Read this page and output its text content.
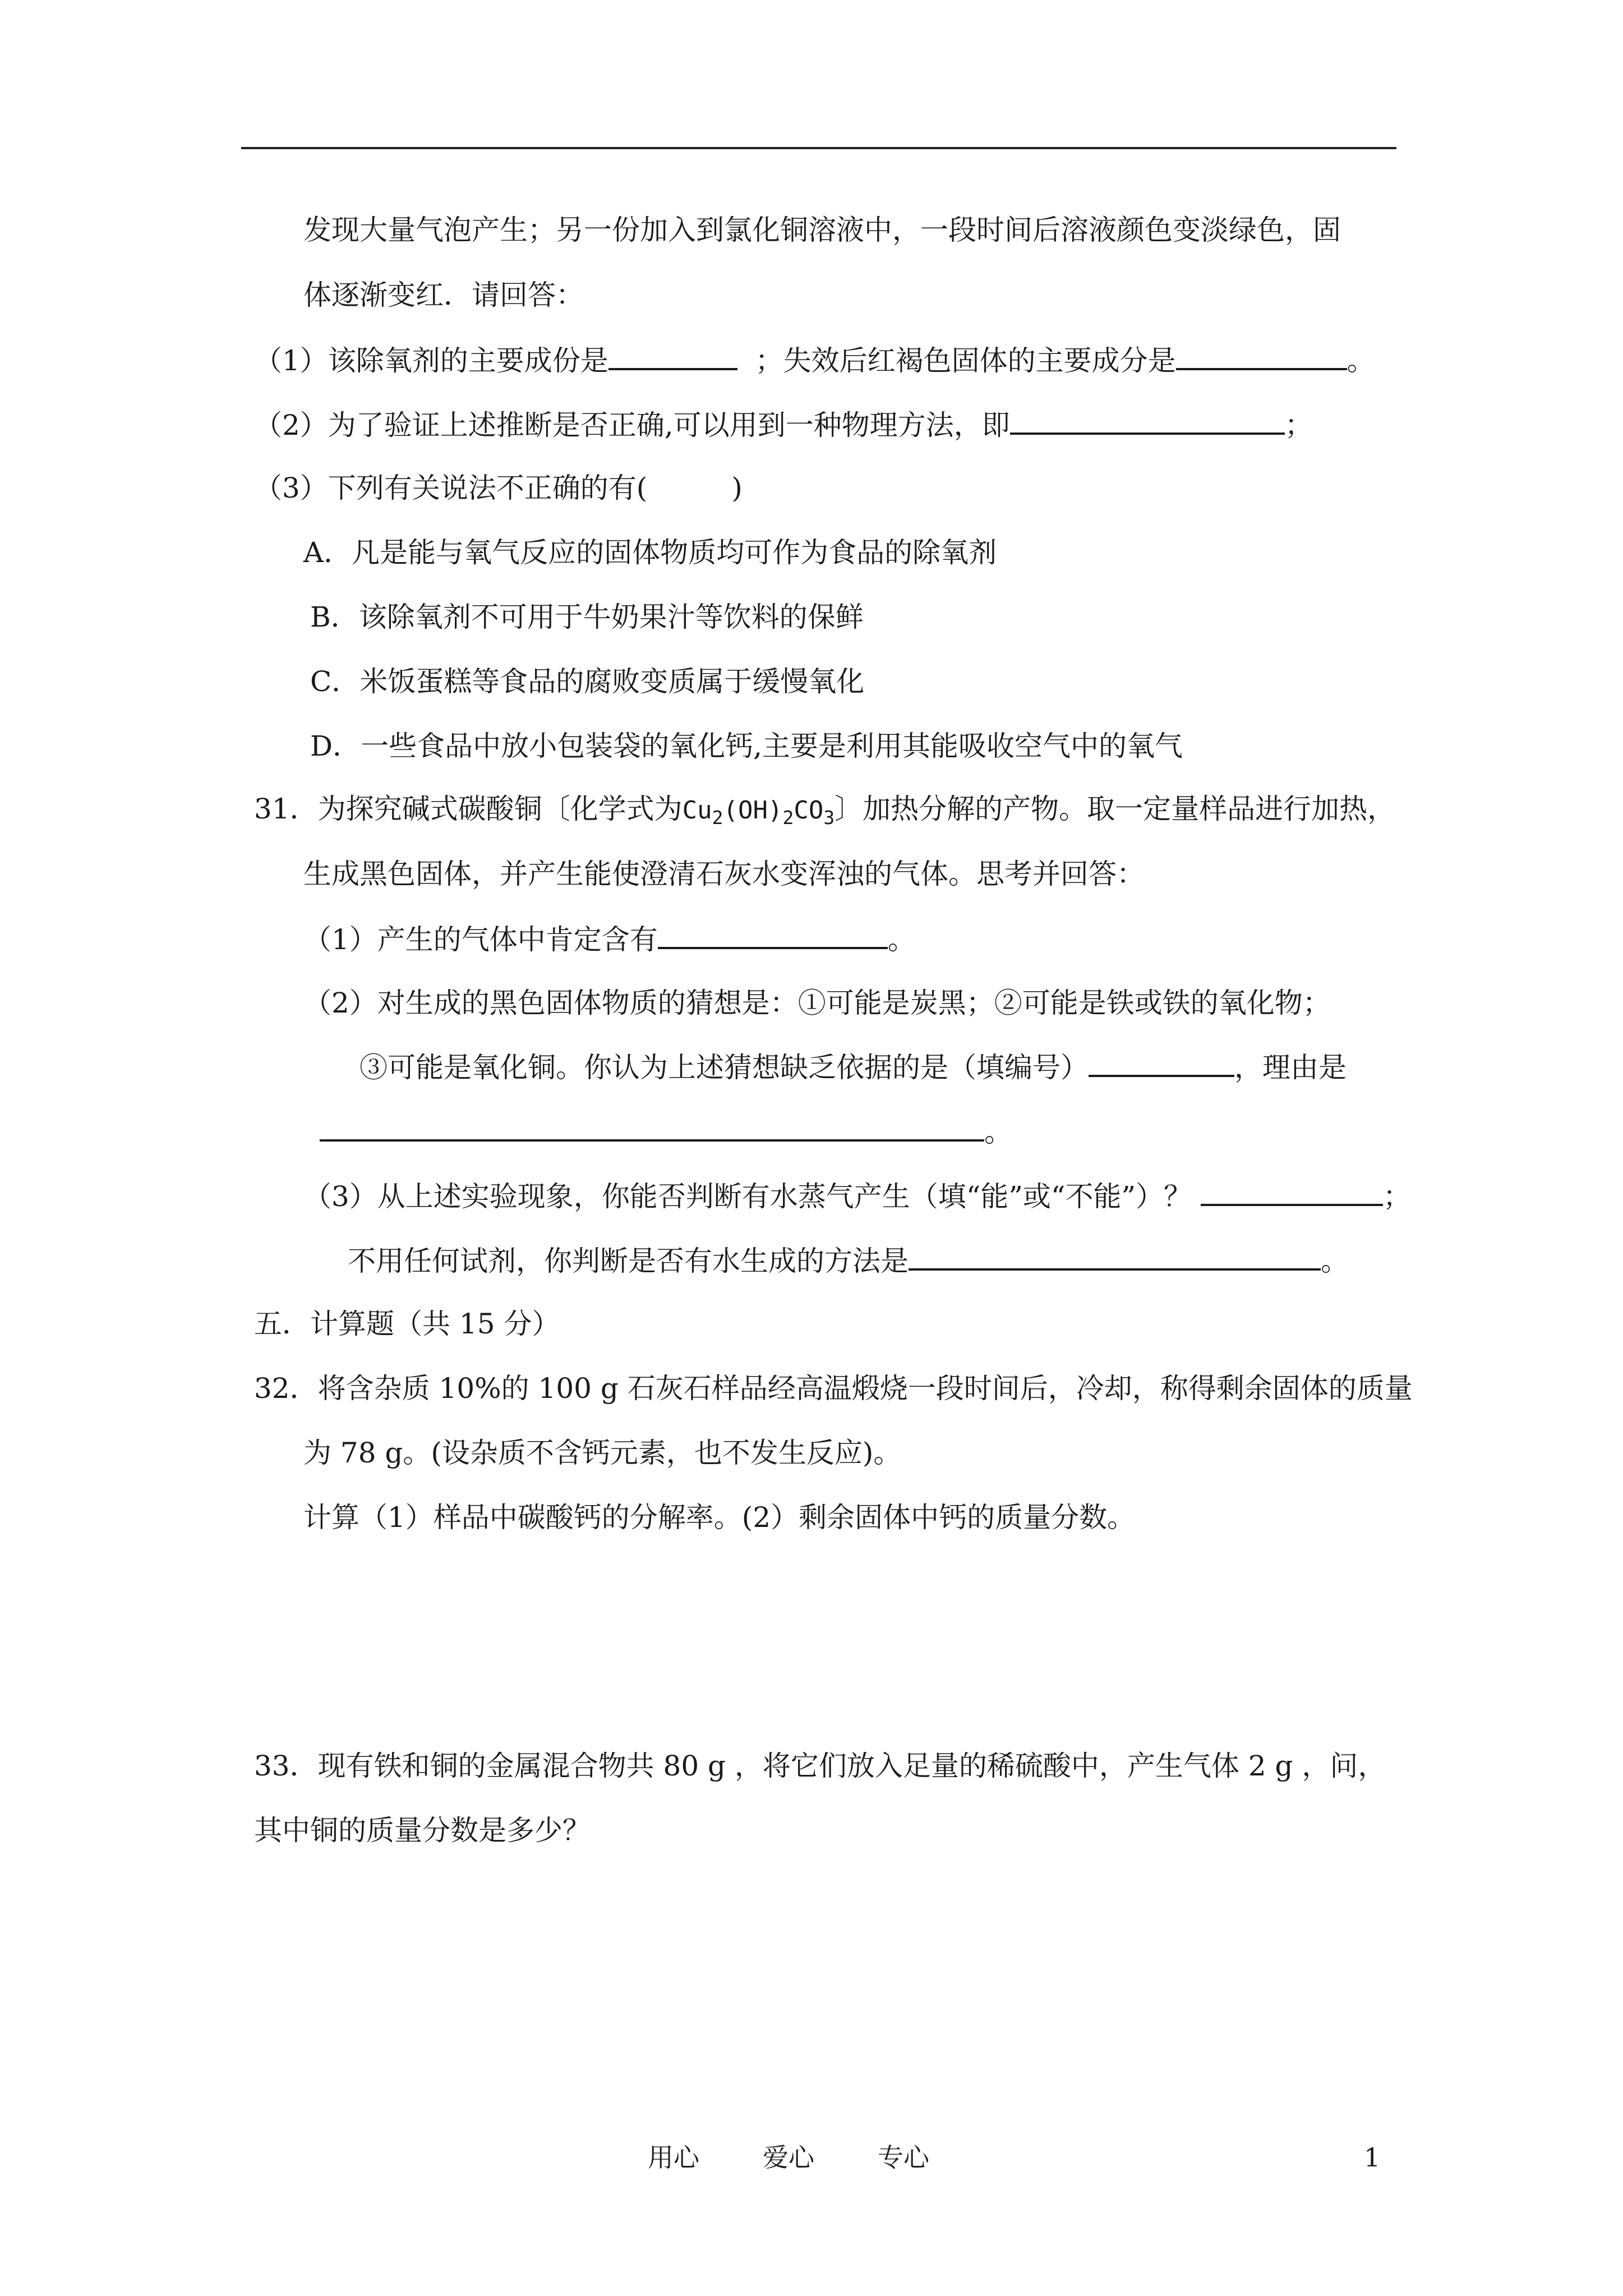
发现大量气泡产生；另一份加入到氯化铜溶液中，一段时间后溶液颜色变淡绿色，固
体逐渐变红．请回答：
（1）该除氧剂的主要成份是	；失效后红褐色固体的主要成分是	。
（2）为了验证上述推断是否正确,可以用到一种物理方法，即	；
（3）下列有关说法不正确的有(　　　)
A．凡是能与氧气反应的固体物质均可作为食品的除氧剂
B．该除氧剂不可用于牛奶果汁等饮料的保鲜
C．米饭蛋糕等食品的腐败变质属于缓慢氧化
D．一些食品中放小包装袋的氧化钙,主要是利用其能吸收空气中的氧气
31．为探究碱式碳酸铜〔化学式为$Cu_2(OH)_2CO_3$〕加热分解的产物。取一定量样品进行加热，
生成黑色固体，并产生能使澄清石灰水变浑浊的气体。思考并回答：
（1）产生的气体中肯定含有	。
（2）对生成的黑色固体物质的猜想是：①可能是炭黑；②可能是铁或铁的氧化物；
③可能是氧化铜。你认为上述猜想缺乏依据的是（填编号）	，理由是
。
（3）从上述实验现象，你能否判断有水蒸气产生（填“能”或“不能”）？	；
不用任何试剂，你判断是否有水生成的方法是	。
五．计算题（共 15 分）
32．将含杂质 10%的 100 g 石灰石样品经高温煅烧一段时间后，冷却，称得剩余固体的质量
为 78 g。(设杂质不含钙元素，也不发生反应)。
计算（1）样品中碳酸钙的分解率。(2）剩余固体中钙的质量分数。
33．现有铁和铜的金属混合物共 80 g ，将它们放入足量的稀硫酸中，产生气体 2 g ，问，
其中铜的质量分数是多少？
用心 爱心 专心	1
